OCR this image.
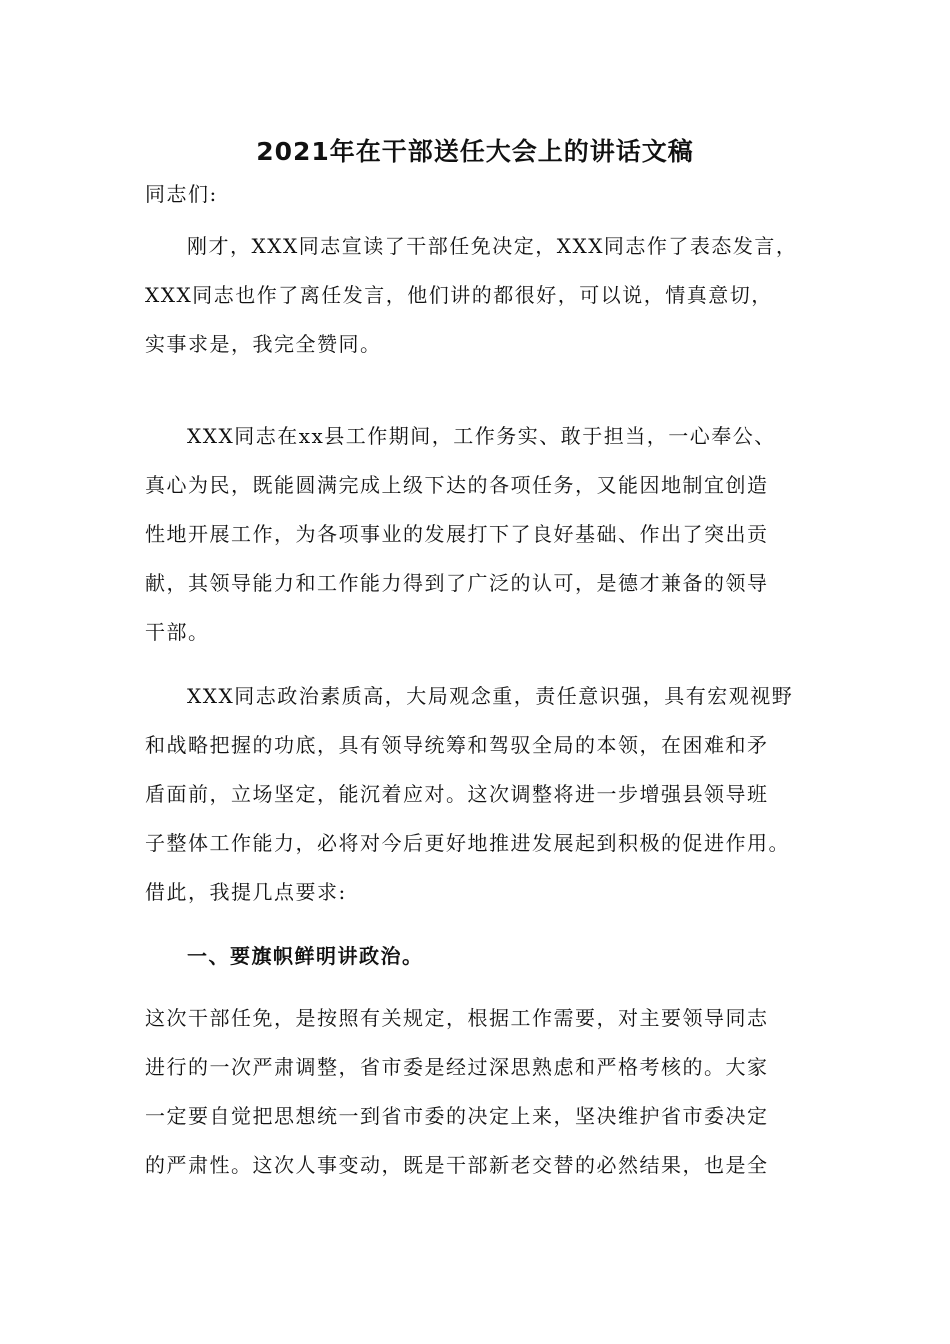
2021年在干部送任大会上的讲话文稿
同志们:
刚才，XXX同志宣读了干部任免决定，XXX同志作了表态发言，
XXX同志也作了离任发言，他们讲的都很好，可以说，情真意切，
实事求是，我完全赞同。
XXX同志在xx县工作期间，工作务实、敢于担当，一心奉公、
真心为民，既能圆满完成上级下达的各项任务，又能因地制宜创造
性地开展工作，为各项事业的发展打下了良好基础、作出了突出贡
献，其领导能力和工作能力得到了广泛的认可，是德才兼备的领导
干部。
XXX同志政治素质高，大局观念重，责任意识强，具有宏观视野
和战略把握的功底，具有领导统筹和驾驭全局的本领，在困难和矛
盾面前，立场坚定，能沉着应对。这次调整将进一步增强县领导班
子整体工作能力，必将对今后更好地推进发展起到积极的促进作用。
借此，我提几点要求:
一、要旗帜鲜明讲政治。
这次干部任免，是按照有关规定，根据工作需要，对主要领导同志
进行的一次严肃调整，省市委是经过深思熟虑和严格考核的。大家
一定要自觉把思想统一到省市委的决定上来，坚决维护省市委决定
的严肃性。这次人事变动，既是干部新老交替的必然结果，也是全
